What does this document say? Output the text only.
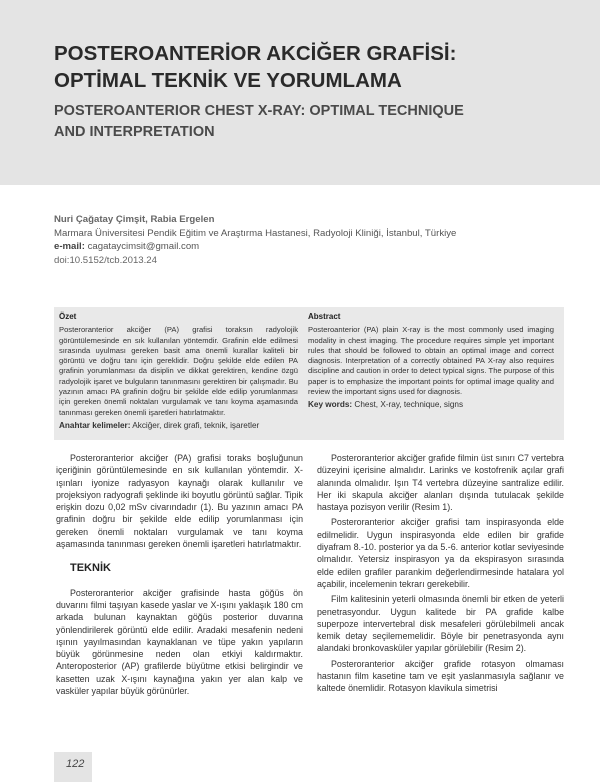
POSTEROANTERİOR AKCİĞER GRAFİSİ:
OPTİMAL TEKNİK VE YORUMLAMA
POSTEROANTERIOR CHEST X-RAY: OPTIMAL TECHNIQUE
AND INTERPRETATION
Nuri Çağatay Çimşit, Rabia Ergelen
Marmara Üniversitesi Pendik Eğitim ve Araştırma Hastanesi, Radyoloji Kliniği, İstanbul, Türkiye
e-mail: cagataycimsit@gmail.com
doi:10.5152/tcb.2013.24
Özet
Posteroranterior akciğer (PA) grafisi toraksın radyolojik görüntülemesinde en sık kullanılan yöntemdir. Grafinin elde edilmesi sırasında uyulması gereken basit ama önemli kurallar kaliteli bir görüntü ve doğru tanı için gereklidir. Doğru şekilde elde edilen PA grafinin yorumlanması da disiplin ve dikkat gerektiren, kendine özgü radyolojik işaret ve bulguların tanınmasını gerektiren bir çalışmadır. Bu yazının amacı PA grafinin doğru bir şekilde elde edilip yorumlanması için gereken önemli noktaları vurgulamak ve tanı koyma aşamasında tanınması gereken önemli işaretleri hatırlatmaktır.
Anahtar kelimeler: Akciğer, direk grafi, teknik, işaretler
Abstract
Posteroanterior (PA) plain X-ray is the most commonly used imaging modality in chest imaging. The procedure requires simple yet important rules that should be followed to obtain an optimal image and correct diagnosis. Interpretation of a correctly obtained PA X-ray also requires discipline and caution in order to detect typical signs. The purpose of this paper is to emphasize the important points for optimal image quality and review the important signs used for diagnosis.
Key words: Chest, X-ray, technique, signs

Posteroranterior akciğer (PA) grafisi toraks boşluğunun içeriğinin görüntülemesinde en sık kullanılan yöntemdir. X-ışınları iyonize radyasyon kaynağı olarak kullanılır ve projeksiyon radyografi şeklinde iki boyutlu görüntü sağlar. Tipik erişkin dozu 0,02 mSv civarındadır (1). Bu yazının amacı PA grafinin doğru bir şekilde elde edilip yorumlanması için gereken önemli noktaları vurgulamak ve tanı koyma aşamasında tanınması gereken önemli işaretleri hatırlatmaktır.

TEKNİK

Posteroranterior akciğer grafisinde hasta göğüs ön duvarını filmi taşıyan kasede yaslar ve X-ışını yaklaşık 180 cm arkada bulunan kaynaktan göğüs posterior duvarına yönlendirilerek görüntü elde edilir. Aradaki mesafenin nedeni ışının yayılmasından kaynaklanan ve tüpe yakın yapıların büyük görünmesine neden olan etkiyi kaldırmaktır. Anteroposterior (AP) grafilerde büyütme etkisi belirgindir ve kasetten uzak X-ışını kaynağına yakın yer alan kalp ve vasküler yapılar büyük görünürler.

Posteroranterior akciğer grafide filmin üst sınırı C7 vertebra düzeyini içerisine almalıdır. Larinks ve kostofrenik açılar grafi alanında olmalıdır. Işın T4 vertebra düzeyine santralize edilir. Her iki skapula akciğer alanları dışında tutulacak şekilde hastaya pozisyon verilir (Resim 1).

Posteroranterior akciğer grafisi tam inspirasyonda elde edilmelidir. Uygun inspirasyonda elde edilen bir grafide diyafram 8.-10. posterior ya da 5.-6. anterior kotlar seviyesinde olmalıdır. Yetersiz inspirasyon ya da ekspirasyon sırasında elde edilen grafiler parankim değerlendirmesinde hatalara yol açabilir, incelemenin tekrarı gerekebilir.

Film kalitesinin yeterli olmasında önemli bir etken de yeterli penetrasyondur. Uygun kalitede bir PA grafide kalbe superpoze intervertebral disk mesafeleri görülebilmeli ancak kemik detay seçilememelidir. Böyle bir penetrasyonda aynı alandaki bronkovasküler yapılar görülebilir (Resim 2).

Posteroranterior akciğer grafide rotasyon olmaması hastanın film kasetine tam ve eşit yaslanmasıyla sağlanır ve kaltede önemlidir. Rotasyon klavikula simetrisi

122
